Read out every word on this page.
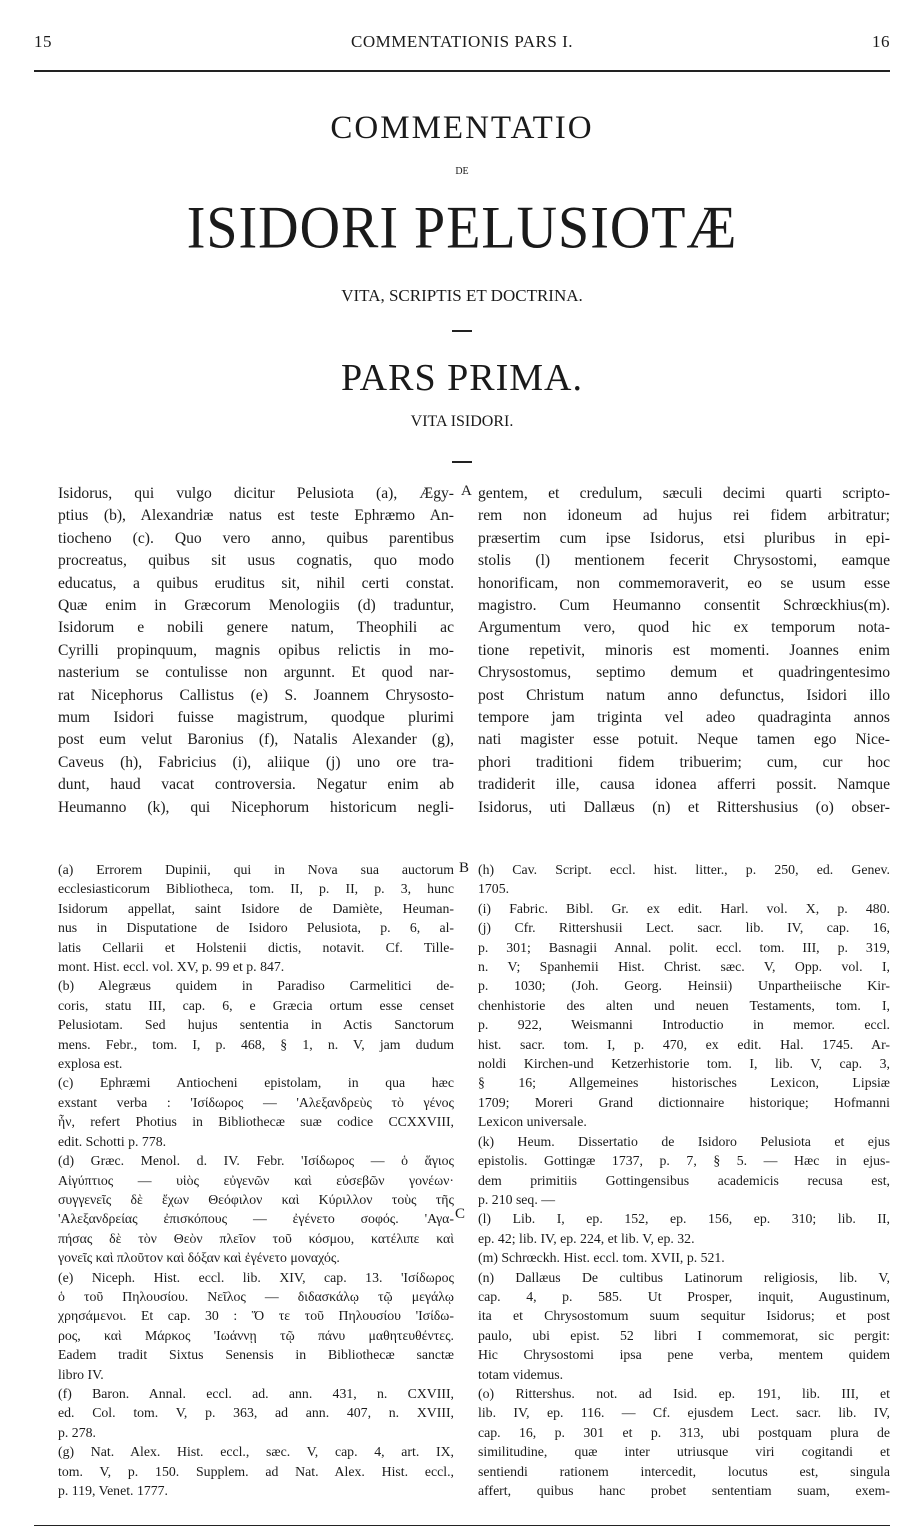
15	COMMENTATIONIS PARS I.	16
COMMENTATIO
DE
ISIDORI PELUSIOTÆ
VITA, SCRIPTIS ET DOCTRINA.
PARS PRIMA.
VITA ISIDORI.
A
B
C
Isidorus, qui vulgo dicitur Pelusiota (a), Ægy-
ptius (b), Alexandriæ natus est teste Ephræmo An-
tiocheno (c). Quo vero anno, quibus parentibus
procreatus, quibus sit usus cognatis, quo modo
educatus, a quibus eruditus sit, nihil certi constat.
Quæ enim in Græcorum Menologiis (d) traduntur,
Isidorum e nobili genere natum, Theophili ac
Cyrilli propinquum, magnis opibus relictis in mo-
nasterium se contulisse non argunnt. Et quod nar-
rat Nicephorus Callistus (e) S. Joannem Chrysosto-
mum Isidori fuisse magistrum, quodque plurimi
post eum velut Baronius (f), Natalis Alexander (g),
Caveus (h), Fabricius (i), aliique (j) uno ore tra-
dunt, haud vacat controversia. Negatur enim ab
Heumanno (k), qui Nicephorum historicum negli-
gentem, et credulum, sæculi decimi quarti scripto-
rem non idoneum ad hujus rei fidem arbitratur;
præsertim cum ipse Isidorus, etsi pluribus in epi-
stolis (l) mentionem fecerit Chrysostomi, eamque
honorificam, non commemoraverit, eo se usum esse
magistro. Cum Heumanno consentit Schrœckhius(m).
Argumentum vero, quod hic ex temporum nota-
tione repetivit, minoris est momenti. Joannes enim
Chrysostomus, septimo demum et quadringentesimo
post Christum natum anno defunctus, Isidori illo
tempore jam triginta vel adeo quadraginta annos
nati magister esse potuit. Neque tamen ego Nice-
phori traditioni fidem tribuerim; cum, cur hoc
tradiderit ille, causa idonea afferri possit. Namque
Isidorus, uti Dallæus (n) et Rittershusius (o) obser-
(a) Errorem Dupinii, qui in Nova sua auctorum
ecclesiasticorum Bibliotheca, tom. II, p. II, p. 3, hunc
Isidorum appellat, saint Isidore de Damiète, Heuman-
nus in Disputatione de Isidoro Pelusiota, p. 6, al-
latis Cellarii et Holstenii dictis, notavit. Cf. Tille-
mont. Hist. eccl. vol. XV, p. 99 et p. 847.
(b) Alegræus quidem in Paradiso Carmelitici de-
coris, statu III, cap. 6, e Græcia ortum esse censet
Pelusiotam. Sed hujus sententia in Actis Sanctorum
mens. Febr., tom. I, p. 468, § 1, n. V, jam dudum
explosa est.
(c) Ephræmi Antiocheni epistolam, in qua hæc
exstant verba : 'Ισίδωρος — 'Αλεξανδρεὺς τὸ γένος
ἦν, refert Photius in Bibliothecæ suæ codice CCXXVIII,
edit. Schotti p. 778.
(d) Græc. Menol. d. IV. Febr. 'Ισίδωρος — ὁ ἅγιος
Αἰγύπτιος — υἱὸς εὐγενῶν καὶ εὐσεβῶν γονέων·
συγγενεῖς δὲ ἔχων Θεόφιλον καὶ Κύριλλον τοὺς τῆς
'Αλεξανδρείας ἐπισκόπους — ἐγένετο σοφός. 'Αγα-
πήσας δὲ τὸν Θεὸν πλεῖον τοῦ κόσμου, κατέλιπε καὶ
γονεῖς καὶ πλοῦτον καὶ δόξαν καὶ ἐγένετο μοναχός.
(e) Niceph. Hist. eccl. lib. XIV, cap. 13. 'Ισίδωρος
ὁ τοῦ Πηλουσίου. Νεῖλος — διδασκάλῳ τῷ μεγάλῳ
χρησάμενοι. Et cap. 30 : Ὅ τε τοῦ Πηλουσίου 'Ισίδω-
ρος, καὶ Μάρκος 'Ιωάννῃ τῷ πάνυ μαθητευθέντες.
Eadem tradit Sixtus Senensis in Bibliothecæ sanctæ
libro IV.
(f) Baron. Annal. eccl. ad. ann. 431, n. CXVIII,
ed. Col. tom. V, p. 363, ad ann. 407, n. XVIII,
p. 278.
(g) Nat. Alex. Hist. eccl., sæc. V, cap. 4, art. IX,
tom. V, p. 150. Supplem. ad Nat. Alex. Hist. eccl.,
p. 119, Venet. 1777.
(h) Cav. Script. eccl. hist. litter., p. 250, ed. Genev.
1705.
(i) Fabric. Bibl. Gr. ex edit. Harl. vol. X, p. 480.
(j) Cfr. Rittershusii Lect. sacr. lib. IV, cap. 16,
p. 301; Basnagii Annal. polit. eccl. tom. III, p. 319,
n. V; Spanhemii Hist. Christ. sæc. V, Opp. vol. I,
p. 1030; (Joh. Georg. Heinsii) Unpartheiische Kir-
chenhistorie des alten und neuen Testaments, tom. I,
p. 922, Weismanni Introductio in memor. eccl.
hist. sacr. tom. I, p. 470, ex edit. Hal. 1745. Ar-
noldi Kirchen-und Ketzerhistorie tom. I, lib. V, cap. 3,
§ 16; Allgemeines historisches Lexicon, Lipsiæ
1709; Moreri Grand dictionnaire historique; Hofmanni
Lexicon universale.
(k) Heum. Dissertatio de Isidoro Pelusiota et ejus
epistolis. Gottingæ 1737, p. 7, § 5. — Hæc in ejus-
dem primitiis Gottingensibus academicis recusa est,
p. 210 seq. —
(l) Lib. I, ep. 152, ep. 156, ep. 310; lib. II,
ep. 42; lib. IV, ep. 224, et lib. V, ep. 32.
(m) Schrœckh. Hist. eccl. tom. XVII, p. 521.
(n) Dallæus De cultibus Latinorum religiosis, lib. V,
cap. 4, p. 585. Ut Prosper, inquit, Augustinum,
ita et Chrysostomum suum sequitur Isidorus; et post
paulo, ubi epist. 52 libri I commemorat, sic pergit:
Hic Chrysostomi ipsa pene verba, mentem quidem
totam videmus.
(o) Rittershus. not. ad Isid. ep. 191, lib. III, et
lib. IV, ep. 116. — Cf. ejusdem Lect. sacr. lib. IV,
cap. 16, p. 301 et p. 313, ubi postquam plura de
similitudine, quæ inter utriusque viri cogitandi et
sentiendi rationem intercedit, locutus est, singula
affert, quibus hanc probet sententiam suam, exem-
